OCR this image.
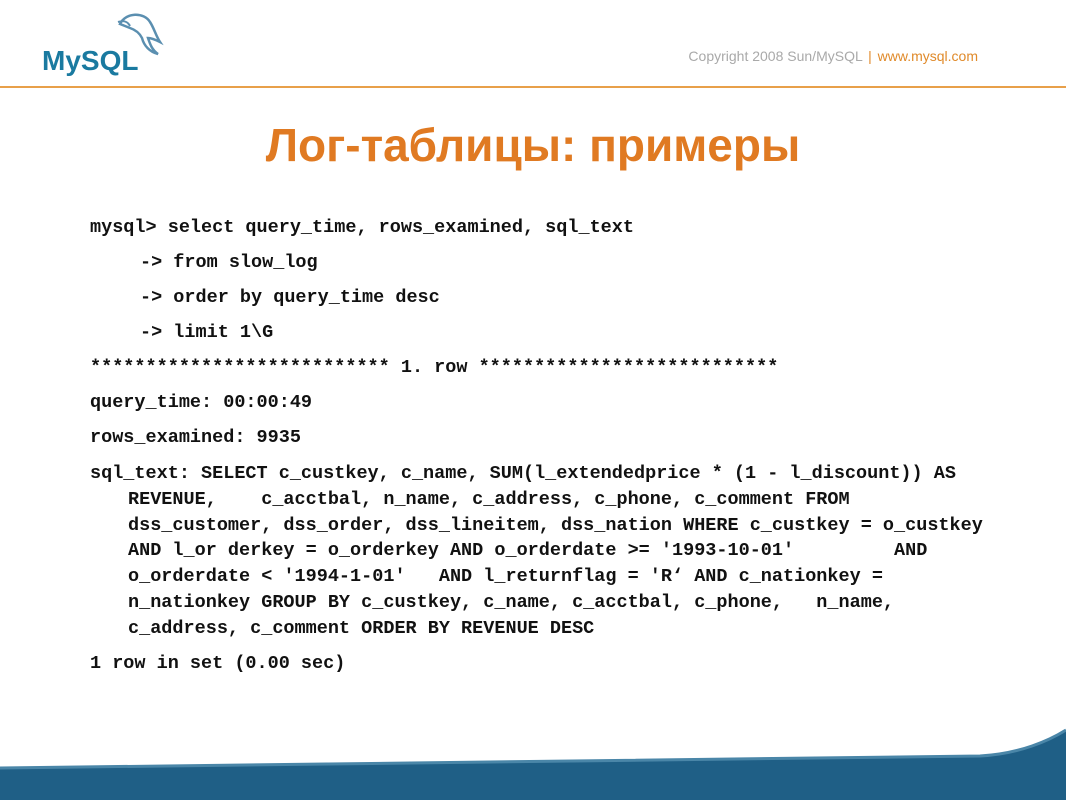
MySQL	Copyright 2008 Sun/MySQL | www.mysql.com
Лог-таблицы: примеры
mysql> select query_time, rows_examined, sql_text
-> from slow_log
-> order by query_time desc
-> limit 1\G
*************************** 1. row ***************************
query_time: 00:00:49
rows_examined: 9935
sql_text: SELECT c_custkey, c_name, SUM(l_extendedprice * (1 - l_discount)) AS REVENUE,    c_acctbal, n_name, c_address, c_phone, c_comment FROM dss_customer, dss_order, dss_lineitem, dss_nation WHERE c_custkey = o_custkey     AND l_or derkey = o_orderkey AND o_orderdate >= '1993-10-01'         AND o_orderdate < '1994-1-01'   AND l_returnflag = 'R‘ AND c_nationkey = n_nationkey GROUP BY c_custkey, c_name, c_acctbal, c_phone,   n_name, c_address, c_comment ORDER BY REVENUE DESC
1 row in set (0.00 sec)
